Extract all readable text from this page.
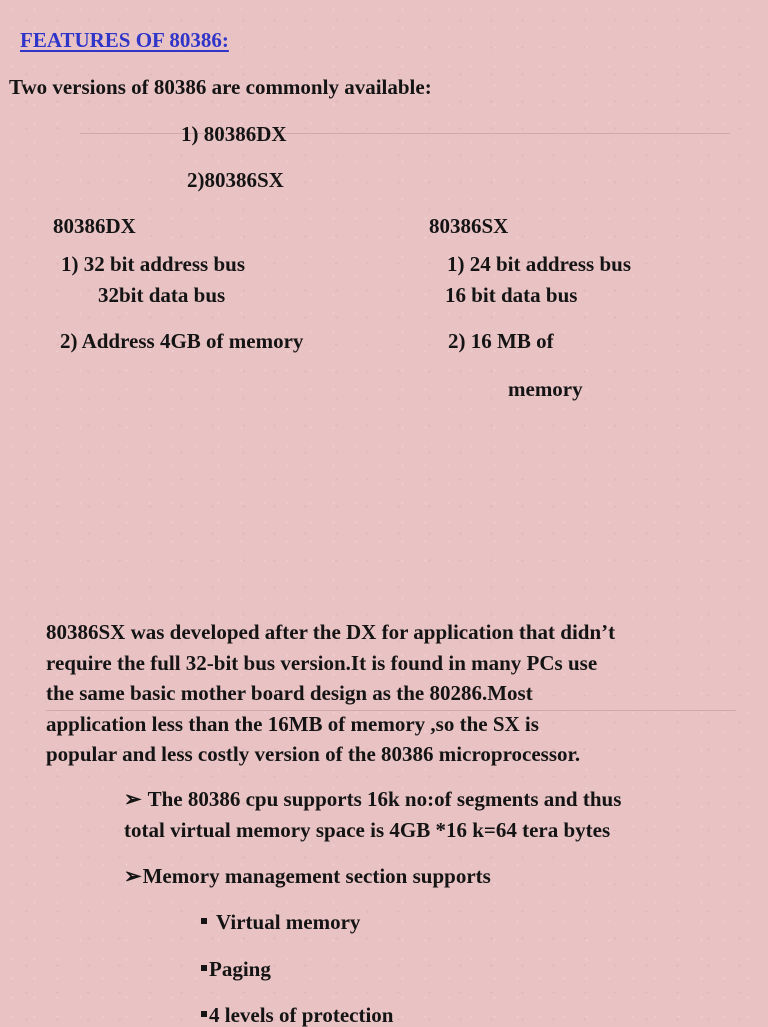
FEATURES OF 80386:
Two versions of 80386 are commonly available:
1) 80386DX
2)80386SX
80386DX
1) 32 bit address bus
32bit data bus
2) Address 4GB of memory
80386SX
1) 24 bit address bus
16 bit data bus
2) 16 MB of
memory
80386SX was developed after the DX for application that didn’t
require the full 32-bit bus version.It is found in many PCs use
the same basic mother board design as the 80286.Most
application less than the 16MB of memory ,so the SX is
popular and less costly version of the 80386 microprocessor.
➢ The 80386 cpu supports 16k no:of segments and thus
total virtual memory space is 4GB *16 k=64 tera bytes
➢Memory management section supports
Virtual memory
Paging
4 levels of protection
